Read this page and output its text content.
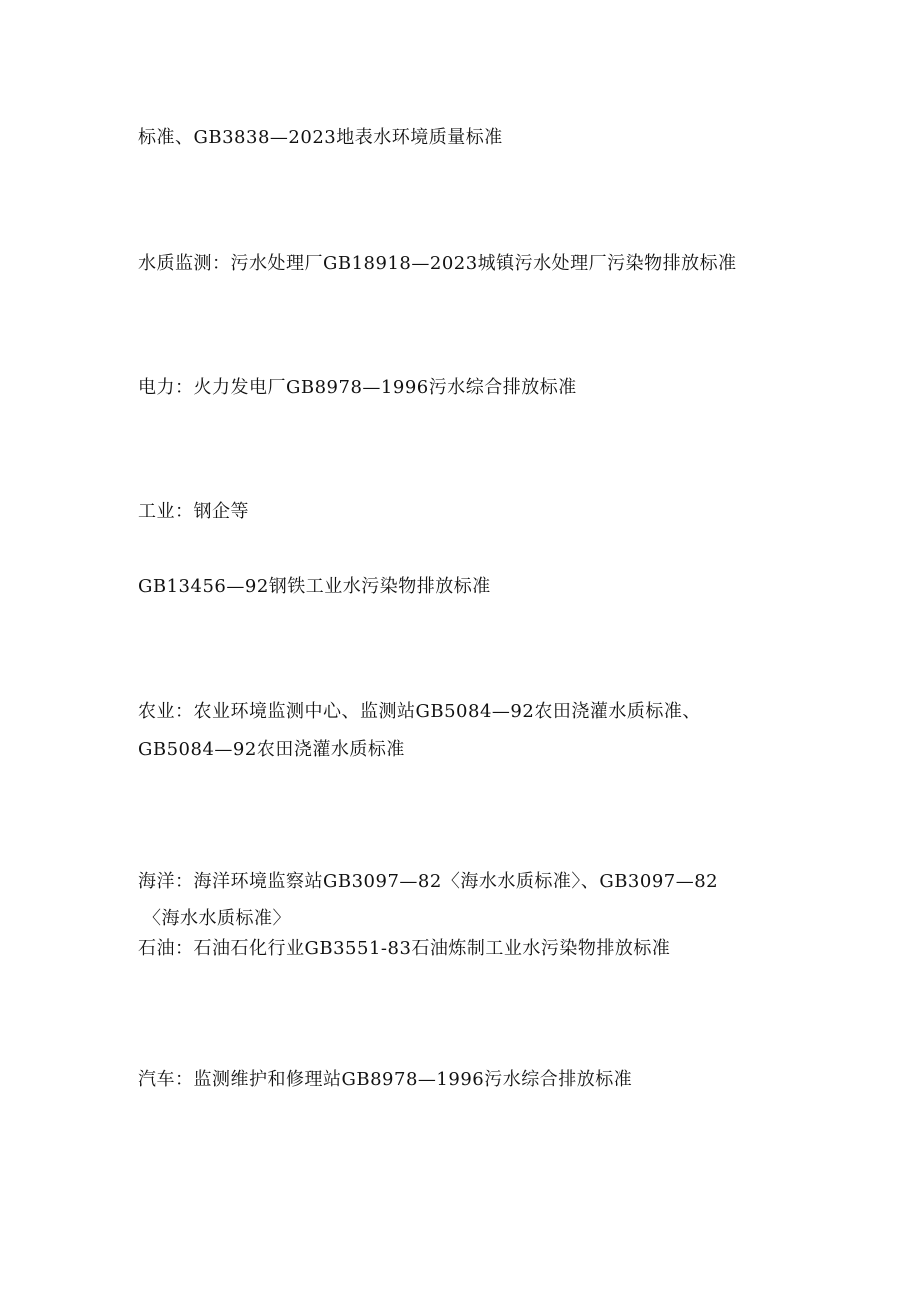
标准、GB3838—2023地表水环境质量标准
水质监测：污水处理厂GB18918—2023城镇污水处理厂污染物排放标准
电力：火力发电厂GB8978—1996污水综合排放标准
工业：钢企等
GB13456—92钢铁工业水污染物排放标准
农业：农业环境监测中心、监测站GB5084—92农田浇灌水质标准、
GB5084—92农田浇灌水质标准
海洋：海洋环境监察站GB3097—82〈海水水质标准〉、GB3097—82
〈海水水质标准〉
石油：石油石化行业GB3551-83石油炼制工业水污染物排放标准
汽车：监测维护和修理站GB8978—1996污水综合排放标准
